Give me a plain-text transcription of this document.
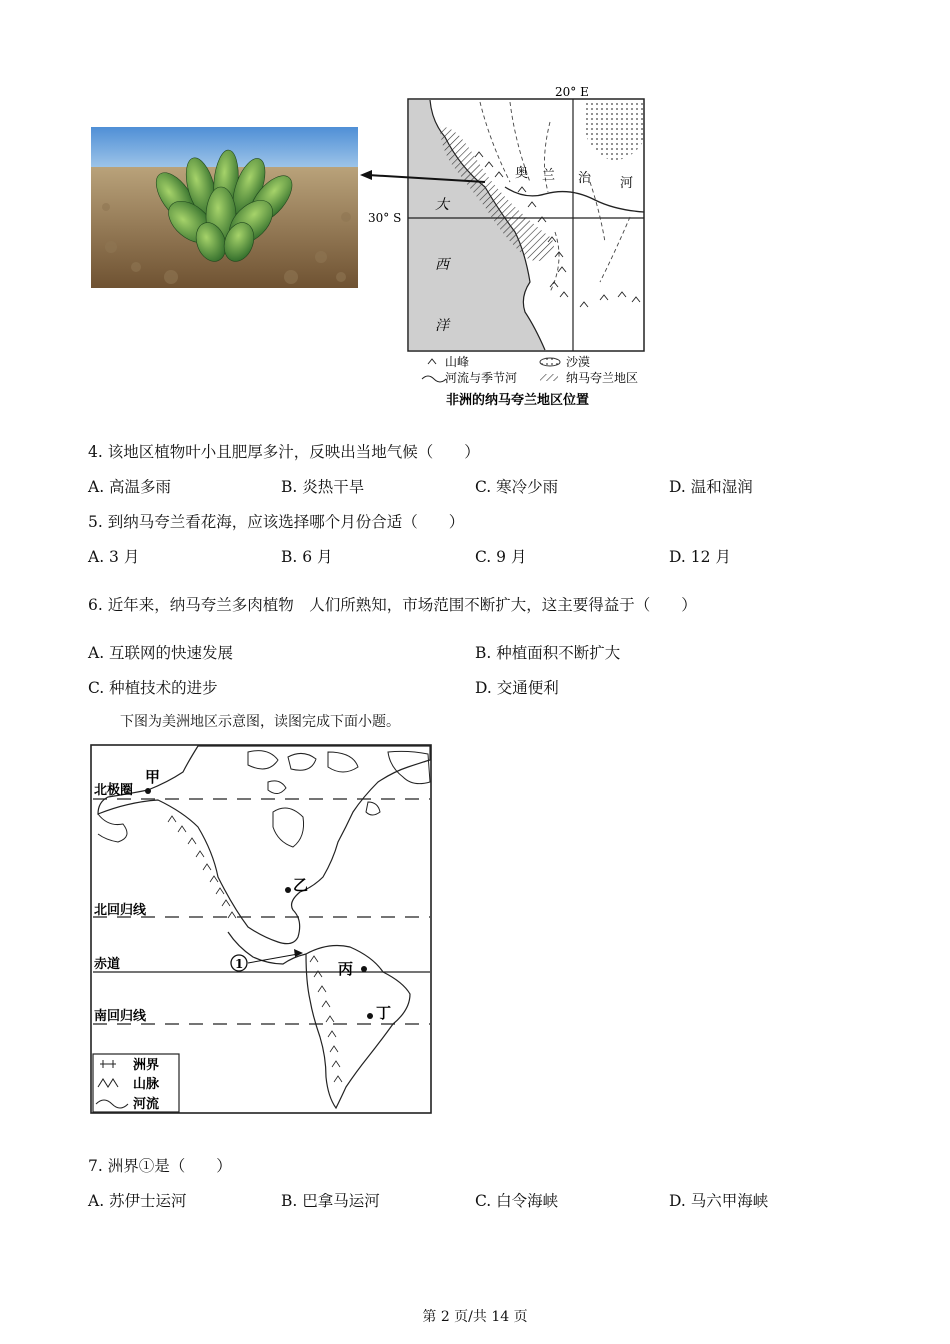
20° E
30° S
奥 兰 治 河
大
西
洋
山峰	沙漠
河流与季节河	纳马夸兰地区
非洲的纳马夸兰地区位置
4. 该地区植物叶小且肥厚多汁，反映出当地气候（　　）
A. 高温多雨	B. 炎热干旱	C. 寒冷少雨	D. 温和湿润
5. 到纳马夸兰看花海，应该选择哪个月份合适（　　）
A. 3 月	B. 6 月	C. 9 月	D. 12 月
6. 近年来，纳马夸兰多肉植物　人们所熟知，市场范围不断扩大，这主要得益于（　　）
A. 互联网的快速发展	B. 种植面积不断扩大
C. 种植技术的进步	D. 交通便利
下图为美洲地区示意图，读图完成下面小题。
北极圈
北回归线
赤道
南回归线
甲
乙
丙
丁
1
洲界
山脉
河流
7. 洲界①是（　　）
A. 苏伊士运河	B. 巴拿马运河	C. 白令海峡	D. 马六甲海峡
第 2 页/共 14 页
